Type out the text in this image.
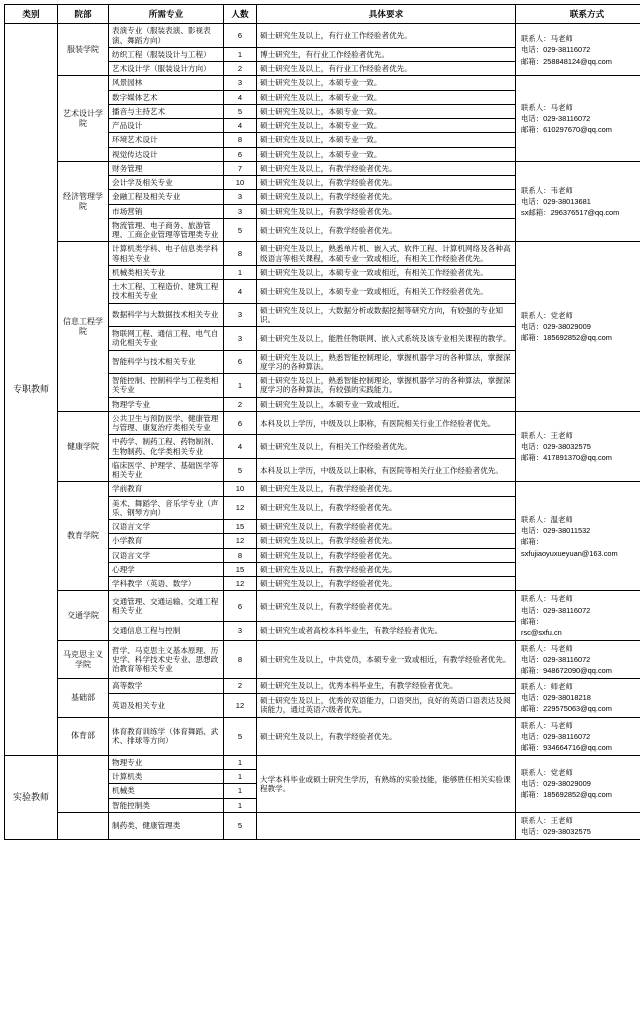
类别	院部	所需专业	人数	具体要求	联系方式
专职教师	服装学院	表演专业（服装表演、影视表演、舞蹈方向）	6	硕士研究生及以上，有行业工作经验者优先。	联系人：马老师
电话：029-38116072
邮箱：258848124@qq.com

		纺织工程（服装设计与工程）	1	博士研究生，有行业工作经验者优先。	
		艺术设计学（服装设计方向）	2	硕士研究生及以上，有行业工作经验者优先。	
	艺术设计学院	风景园林	3	硕士研究生及以上，本硕专业一致。	联系人：马老师
电话：029-38116072
邮箱：610297670@qq.com

		数字媒体艺术	4	硕士研究生及以上，本硕专业一致。	
		播音与主持艺术	5	硕士研究生及以上，本硕专业一致。	
		产品设计	4	硕士研究生及以上，本硕专业一致。	
		环境艺术设计	8	硕士研究生及以上，本硕专业一致。	
		视觉传达设计	6	硕士研究生及以上，本硕专业一致。	
	经济管理学院	财务管理	7	硕士研究生及以上，有教学经验者优先。	联系人：韦老师
电话：029-38013681
sx邮箱：296376517@qq.com

		会计学及相关专业	10	硕士研究生及以上，有教学经验者优先。	
		金融工程及相关专业	3	硕士研究生及以上，有教学经验者优先。	
		市场营销	3	硕士研究生及以上，有教学经验者优先。	
		物流管理、电子商务、旅游管理、工商企业管理等管理类专业	5	硕士研究生及以上，有教学经验者优先。	
	信息工程学院	计算机类学科、电子信息类学科等相关专业	8	硕士研究生及以上，熟悉单片机、嵌入式、软件工程、计算机网络及各种高级语言等相关课程，本硕专业一致或相近，有相关工作经验者优先。	联系人：党老师
电话：029-38029009
邮箱：185692852@qq.com

		机械类相关专业	1	硕士研究生及以上，本硕专业一致或相近，有相关工作经验者优先。	
		土木工程、工程造价、建筑工程技术相关专业	4	硕士研究生及以上，本硕专业一致或相近，有相关工作经验者优先。	
		数据科学与大数据技术相关专业	3	硕士研究生及以上，大数据分析或数据挖掘等研究方向，有较强的专业知识。	
		物联网工程、通信工程、电气自动化相关专业	3	硕士研究生及以上，能胜任物联网、嵌入式系统及该专业相关课程的教学。	
		智能科学与技术相关专业	6	硕士研究生及以上，熟悉智能控制理论，掌握机器学习的各种算法，掌握深度学习的各种算法。	
		智能控制、控制科学与工程类相关专业	1	硕士研究生及以上，熟悉智能控制理论，掌握机器学习的各种算法，掌握深度学习的各种算法，有较强的实践能力。	
		物理学专业	2	硕士研究生及以上，本硕专业一致或相近。	
	健康学院	公共卫生与预防医学、健康管理与管理、康复治疗类相关专业	6	本科及以上学历，中级及以上职称，有医院相关行业工作经验者优先。	联系人：王老师
电话：029-38032575
邮箱：417891370@qq.com

		中药学、制药工程、药物制剂、生物制药、化学类相关专业	4	硕士研究生及以上，有相关工作经验者优先。	
		临床医学、护理学、基础医学等相关专业	5	本科及以上学历，中级及以上职称，有医院等相关行业工作经验者优先。	
	教育学院	学前教育	10	硕士研究生及以上，有教学经验者优先。	联系人：温老师
电话：029-38011532
邮箱：
sxfujiaoyuxueyuan@163.com

		美术、舞蹈学、音乐学专业（声乐、钢琴方向）	12	硕士研究生及以上，有教学经验者优先。	
		汉语言文学	15	硕士研究生及以上，有教学经验者优先。	
		小学教育	12	硕士研究生及以上，有教学经验者优先。	
		汉语言文学	8	硕士研究生及以上，有教学经验者优先。	
		心理学	15	硕士研究生及以上，有教学经验者优先。	
		学科教学（英语、数学）	12	硕士研究生及以上，有教学经验者优先。	
	交通学院	交通管理、交通运输、交通工程相关专业	6	硕士研究生及以上，有教学经验者优先。	联系人：马老师
电话：029-38116072
邮箱：
rsc@sxfu.cn

		交通信息工程与控制	3	硕士研究生或者高校本科毕业生，有教学经验者优先。	
	马克思主义学院	哲学、马克思主义基本原理、历史学、科学技术史专业、思想政治教育等相关专业	8	硕士研究生及以上，中共党员，本硕专业一致或相近，有教学经验者优先。	联系人：马老师
电话：029-38116072
邮箱：948672090@qq.com

	基础部	高等数学	2	硕士研究生及以上，优秀本科毕业生，有教学经验者优先。	联系人：师老师
电话：029-38018218
邮箱：229575063@qq.com

		英语及相关专业	12	硕士研究生及以上，优秀的双语能力，口语突出，良好的英语口语表达及阅读能力，通过英语六级者优先。	
	体育部	体育教育训练学（体育舞蹈、武术、排球等方向）	5	硕士研究生及以上，有教学经验者优先。	联系人：马老师
电话：029-38116072
邮箱：934664716@qq.com

实验教师		物理专业	1	大学本科毕业或硕士研究生学历，有熟练的实验技能，能够胜任相关实验课程教学。	联系人：党老师
电话：029-38029009
邮箱：185692852@qq.com

		计算机类	1		
		机械类	1		
		智能控制类	1		
		制药类、健康管理类	5		联系人：王老师
电话：029-38032575
